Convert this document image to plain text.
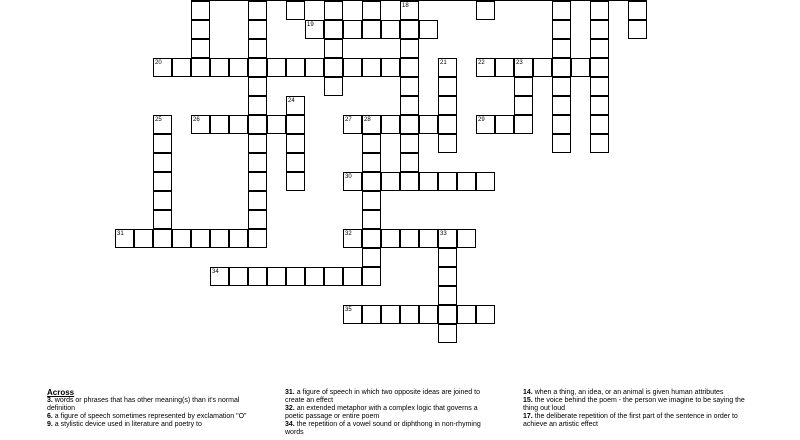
18
19
20	21	22	23
24
25	26	27 28	29
30
31	32	33
34
35
Across

3. words or phrases that has other meaning(s) than it's normal definition

6. a figure of speech sometimes represented by exclamation "O"

9. a stylistic device used in literature and poetry to

31. a figure of speech in which two opposite ideas are joined to create an effect

32. an extended metaphor with a complex logic that governs a poetic passage or entire poem

34. the repetition of a vowel sound or diphthong in non-rhyming words

14. when a thing, an idea, or an animal is given human attributes

15. the voice behind the poem - the person we imagine to be saying the thing out loud

17. the deliberate repetition of the first part of the sentence in order to achieve an artistic effect
